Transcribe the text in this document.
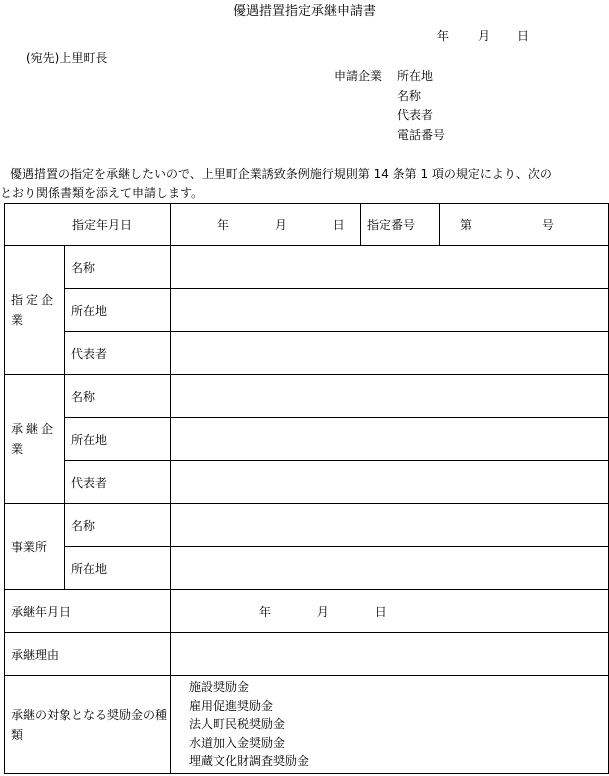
優遇措置指定承継申請書
年 月 日
(宛先)上里町長
申請企業 所在地
名称
代表者
電話番号
優遇措置の指定を承継したいので、上里町企業誘致条例施行規則第 14 条第 1 項の規定により、次の
とおり関係書類を添えて申請します。
指定年月日		年 月 日	指定番号	第 号
指定企業	名称			
	所在地			
	代表者			
承継企業	名称			
	所在地			
	代表者			
事業所	名称			
	所在地			
承継年月日		年 月 日		
承継理由				
承継の対象となる奨励金の種類		施設奨励金
雇用促進奨励金
法人町民税奨励金
水道加入金奨励金
埋蔵文化財調査奨励金		
